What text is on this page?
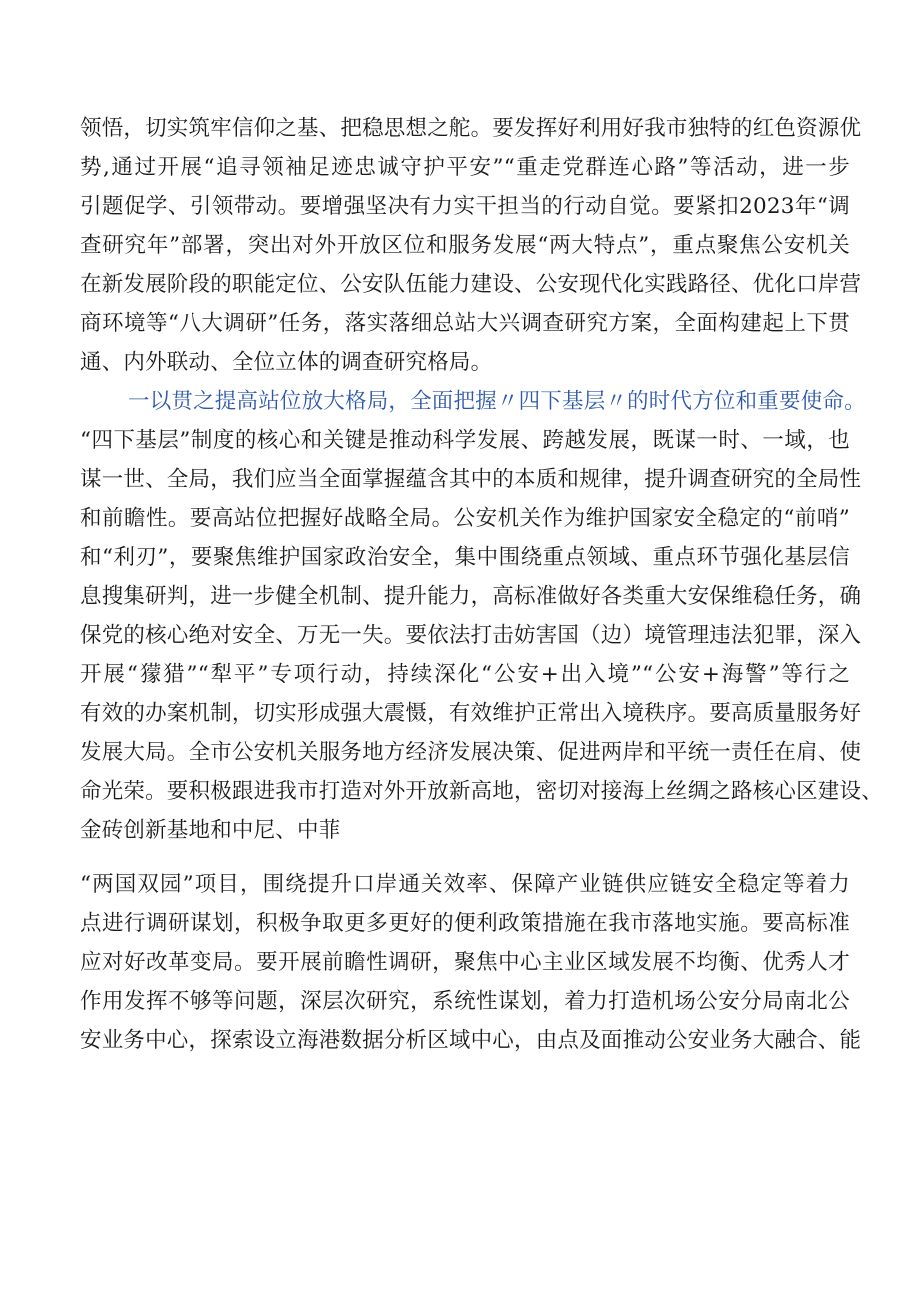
领悟，切实筑牢信仰之基、把稳思想之舵。要发挥好利用好我市独特的红色资源优
势,通过开展“追寻领袖足迹忠诚守护平安”“重走党群连心路”等活动，进一步
引题促学、引领带动。要增强坚决有力实干担当的行动自觉。要紧扣2023年“调
查研究年”部署，突出对外开放区位和服务发展“两大特点”，重点聚焦公安机关
在新发展阶段的职能定位、公安队伍能力建设、公安现代化实践路径、优化口岸营
商环境等“八大调研”任务，落实落细总站大兴调查研究方案，全面构建起上下贯
通、内外联动、全位立体的调查研究格局。
一以贯之提高站位放大格局，全面把握〃四下基层〃的时代方位和重要使命。
“四下基层”制度的核心和关键是推动科学发展、跨越发展，既谋一时、一域，也
谋一世、全局，我们应当全面掌握蕴含其中的本质和规律，提升调查研究的全局性
和前瞻性。要高站位把握好战略全局。公安机关作为维护国家安全稳定的“前哨”
和“利刃”，要聚焦维护国家政治安全，集中围绕重点领域、重点环节强化基层信
息搜集研判，进一步健全机制、提升能力，高标准做好各类重大安保维稳任务，确
保党的核心绝对安全、万无一失。要依法打击妨害国（边）境管理违法犯罪，深入
开展“獴猎”“犁平”专项行动，持续深化“公安+出入境”“公安+海警”等行之
有效的办案机制，切实形成强大震慑，有效维护正常出入境秩序。要高质量服务好
发展大局。全市公安机关服务地方经济发展决策、促进两岸和平统一责任在肩、使
命光荣。要积极跟进我市打造对外开放新高地，密切对接海上丝绸之路核心区建设、
金砖创新基地和中尼、中菲
“两国双园”项目，围绕提升口岸通关效率、保障产业链供应链安全稳定等着力
点进行调研谋划，积极争取更多更好的便利政策措施在我市落地实施。要高标准
应对好改革变局。要开展前瞻性调研，聚焦中心主业区域发展不均衡、优秀人才
作用发挥不够等问题，深层次研究，系统性谋划，着力打造机场公安分局南北公
安业务中心，探索设立海港数据分析区域中心，由点及面推动公安业务大融合、能
